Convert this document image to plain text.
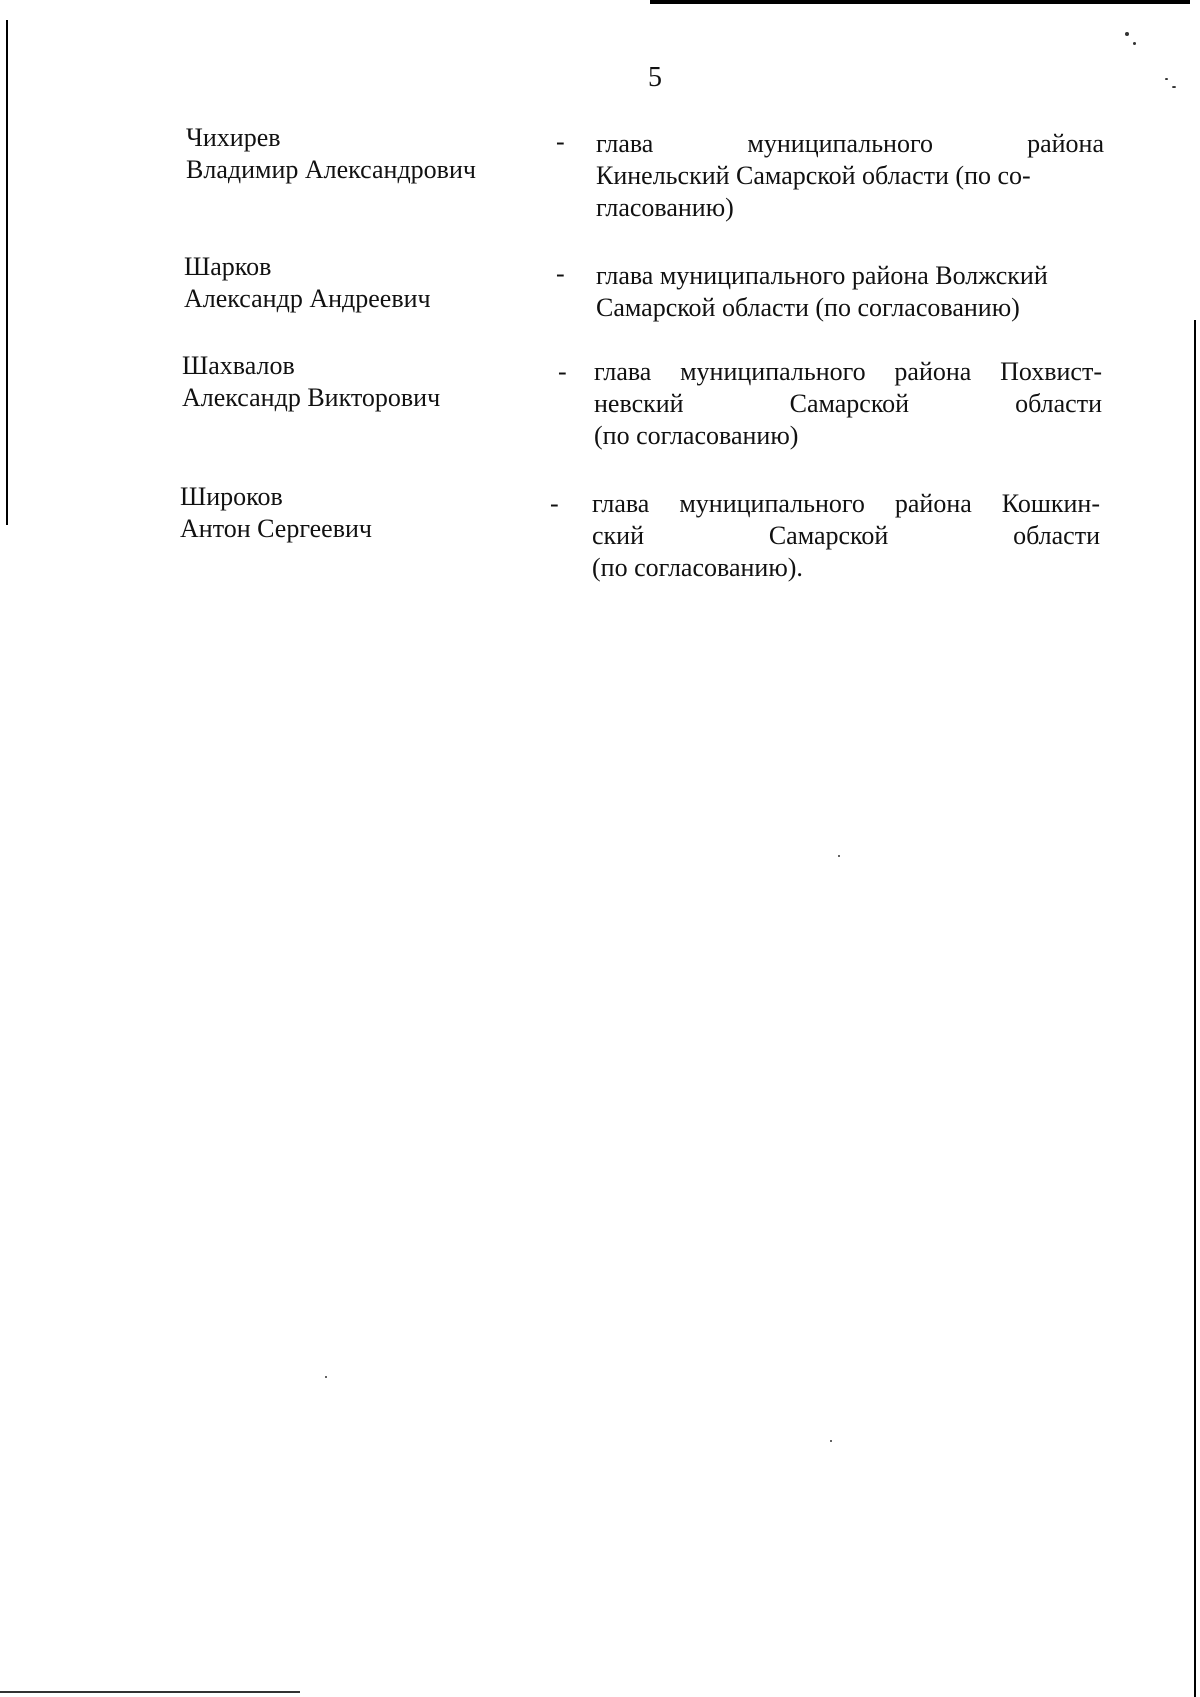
5
Чихирев
Владимир Александрович
- глава муниципального района
Кинельский Самарской области (по со-
гласованию)
Шарков
Александр Андреевич
- глава муниципального района Волжский
Самарской области (по согласованию)
Шахвалов
Александр Викторович
- глава муниципального района Похвист-
невский Самарской области
(по согласованию)
Широков
Антон Сергеевич
- глава муниципального района Кошкин-
ский Самарской области
(по согласованию).
